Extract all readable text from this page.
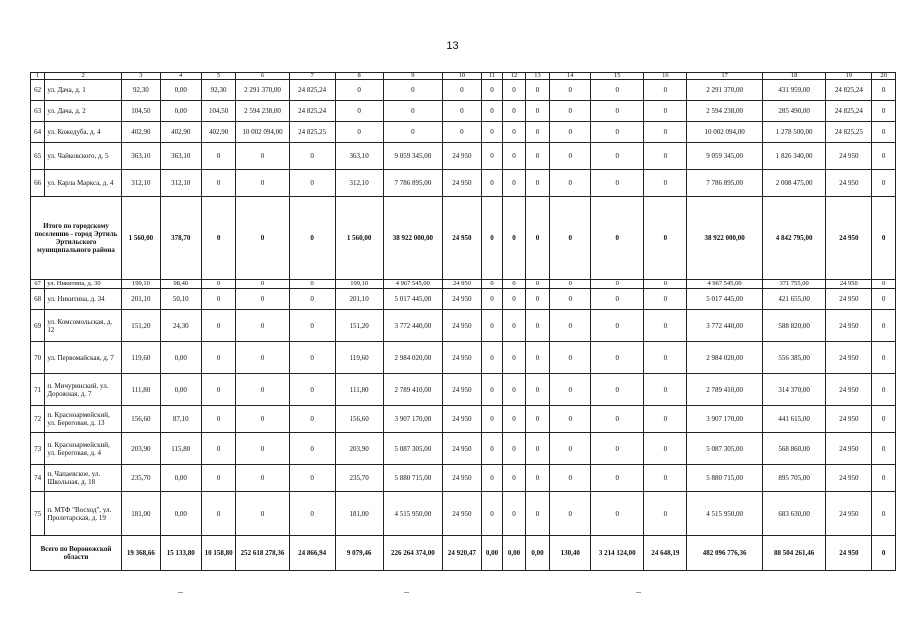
13
1	2	3	4	5	6	7	8	9	10	11	12	13	14	15	16	17	18	19	20
62	ул. Дача, д. 1	92,30	0,00	92,30	2 291 370,00	24 825,24	0	0	0	0	0	0	0	0	0	2 291 370,00	431 959,00	24 825,24	0
63	ул. Дача, д. 2	104,50	0,00	104,50	2 594 238,00	24 825,24	0	0	0	0	0	0	0	0	0	2 594 238,00	285 490,00	24 825,24	0
64	ул. Кожедуба, д. 4	402,90	402,90	402,90	10 002 094,00	24 825,25	0	0	0	0	0	0	0	0	0	10 002 094,00	1 278 500,00	24 825,25	0
65	ул. Чайковского, д. 5	363,10	363,10	0	0	0	363,10	9 059 345,00	24 950	0	0	0	0	0	0	9 059 345,00	1 826 340,00	24 950	0
66	ул. Карла Маркса, д. 4	312,10	312,10	0	0	0	312,10	7 786 895,00	24 950	0	0	0	0	0	0	7 786 895,00	2 008 475,00	24 950	0
Итого по городскому поселению - город Эртиль Эртильского муниципального района		1 560,00	378,70	0	0	0	1 560,00	38 922 000,00	24 950	0	0	0	0	0	0	38 922 000,00	4 842 795,00	24 950	0
67	ул. Никитина, д. 30	199,10	98,40	0	0	0	199,10	4 967 545,00	24 950	0	0	0	0	0	0	4 967 545,00	371 755,00	24 950	0
68	ул. Никитина, д. 34	201,10	50,10	0	0	0	201,10	5 017 445,00	24 950	0	0	0	0	0	0	5 017 445,00	421 655,00	24 950	0
69	ул. Комсомольская, д. 12	151,20	24,30	0	0	0	151,20	3 772 440,00	24 950	0	0	0	0	0	0	3 772 440,00	588 820,00	24 950	0
70	ул. Первомайская, д. 7	119,60	0,00	0	0	0	119,60	2 984 020,00	24 950	0	0	0	0	0	0	2 984 020,00	556 385,00	24 950	0
71	п. Мичуринский, ул. Дорожная, д. 7	111,80	0,00	0	0	0	111,80	2 789 410,00	24 950	0	0	0	0	0	0	2 789 410,00	314 370,00	24 950	0
72	п. Красноармейский, ул. Береговая, д. 13	156,60	87,10	0	0	0	156,60	3 907 170,00	24 950	0	0	0	0	0	0	3 907 170,00	441 615,00	24 950	0
73	п. Красноармейский, ул. Береговая, д. 4	203,90	115,80	0	0	0	203,90	5 087 305,00	24 950	0	0	0	0	0	0	5 087 305,00	568 860,00	24 950	0
74	п. Чапаевское, ул. Школьная, д. 18	235,70	0,00	0	0	0	235,70	5 880 715,00	24 950	0	0	0	0	0	0	5 880 715,00	895 705,00	24 950	0
75	п. МТФ "Восход", ул. Пролетарская, д. 19	181,00	0,00	0	0	0	181,00	4 515 950,00	24 950	0	0	0	0	0	0	4 515 950,00	683 630,00	24 950	0
Всего по Воронежской области		19 368,66	15 133,80	10 158,80	252 618 278,36	24 866,94	9 079,46	226 264 374,00	24 920,47	0,00	0,00	0,00	130,40	3 214 124,00	24 648,19	482 096 776,36	88 504 261,46	24 950	0
